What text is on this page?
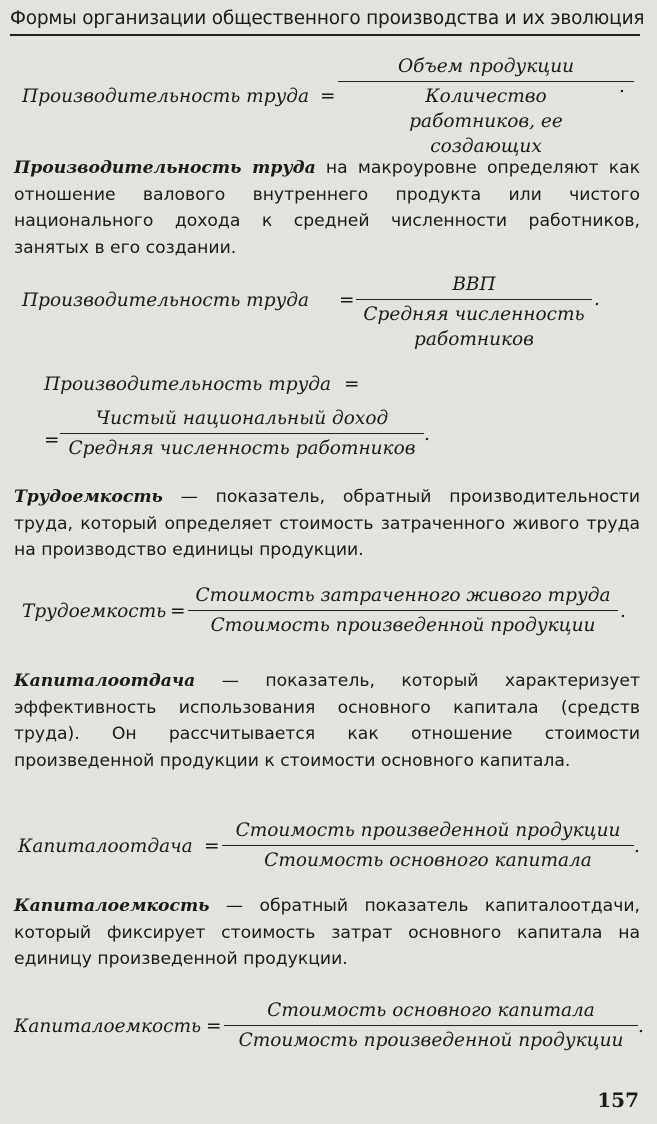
Формы организации общественного производства и их эволюция
Производительность труда =
Объем продукции
Количество работников, ее создающих
.
Производительность труда на макроуровне определяют как отношение валового внутреннего продукта или чистого национального дохода к средней численности работников, занятых в его создании.
Производительность труда =
ВВП
Средняя численность работников
.
Производительность труда =
=
Чистый национальный доход
Средняя численность работников
.
Трудоемкость — показатель, обратный производительности труда, который определяет стоимость затраченного живого труда на производство единицы продукции.
Трудоемкость =
Стоимость затраченного живого труда
Стоимость произведенной продукции
.
Капиталоотдача — показатель, который характеризует эффективность использования основного капитала (средств труда). Он рассчитывается как отношение стоимости произведенной продукции к стоимости основного капитала.
Капиталоотдача =
Стоимость произведенной продукции
Стоимость основного капитала
.
Капиталоемкость — обратный показатель капиталоотдачи, который фиксирует стоимость затрат основного капитала на единицу произведенной продукции.
Капиталоемкость =
Стоимость основного капитала
Стоимость произведенной продукции
.
157
